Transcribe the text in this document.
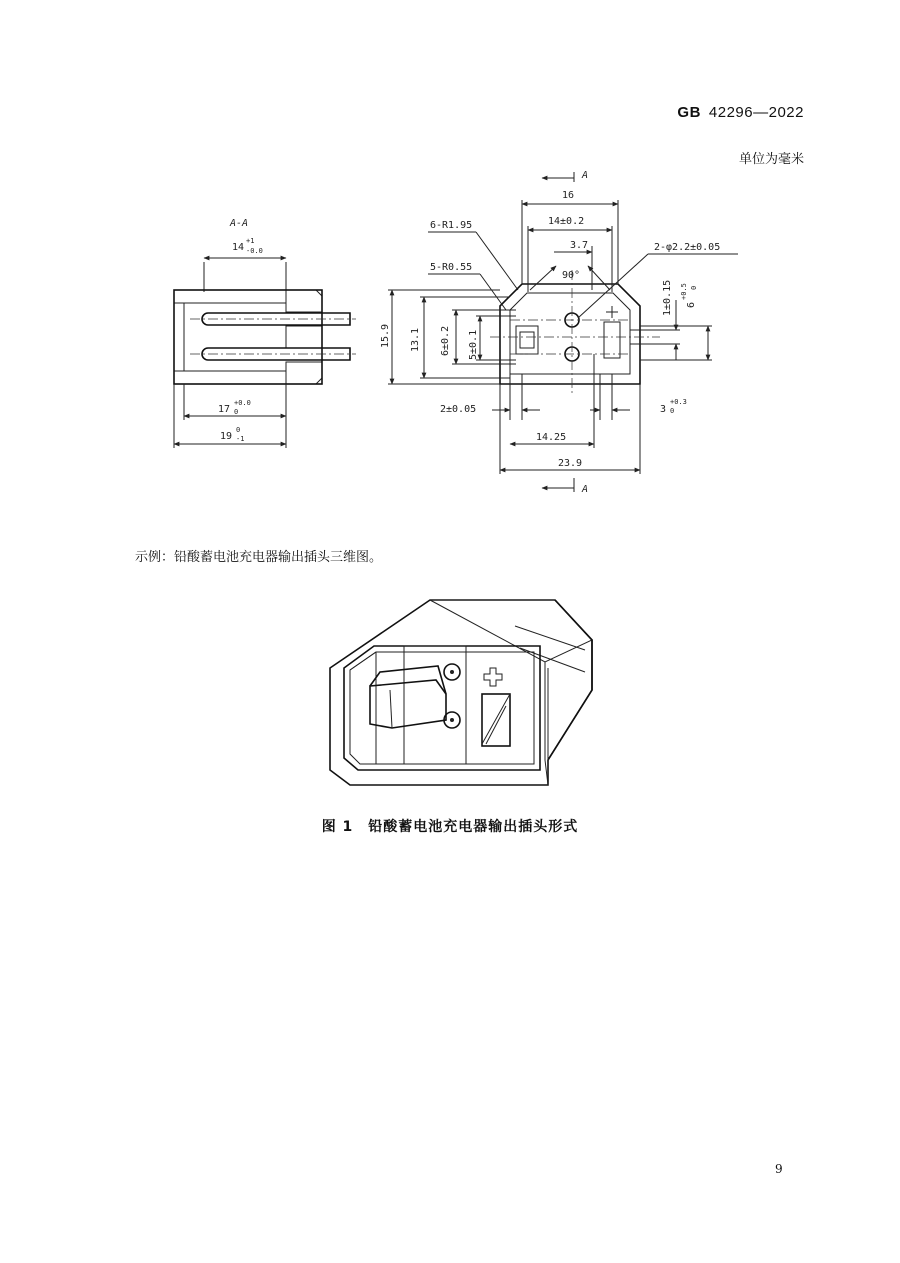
GB 42296—2022
单位为毫米
A-A
14
+1
-0.0
17
+0.0
0
19
0
-1
A
A
16
14±0.2
3.7
90°
6-R1.95
5-R0.55
2-φ2.2±0.05
15.9 13.1 6±0.2 5±0.1
1±0.15 6
+0.5 0
2±0.05	3
+0.3
0
14.25
23.9
示例：铅酸蓄电池充电器输出插头三维图。
图 1　铅酸蓄电池充电器输出插头形式
9
